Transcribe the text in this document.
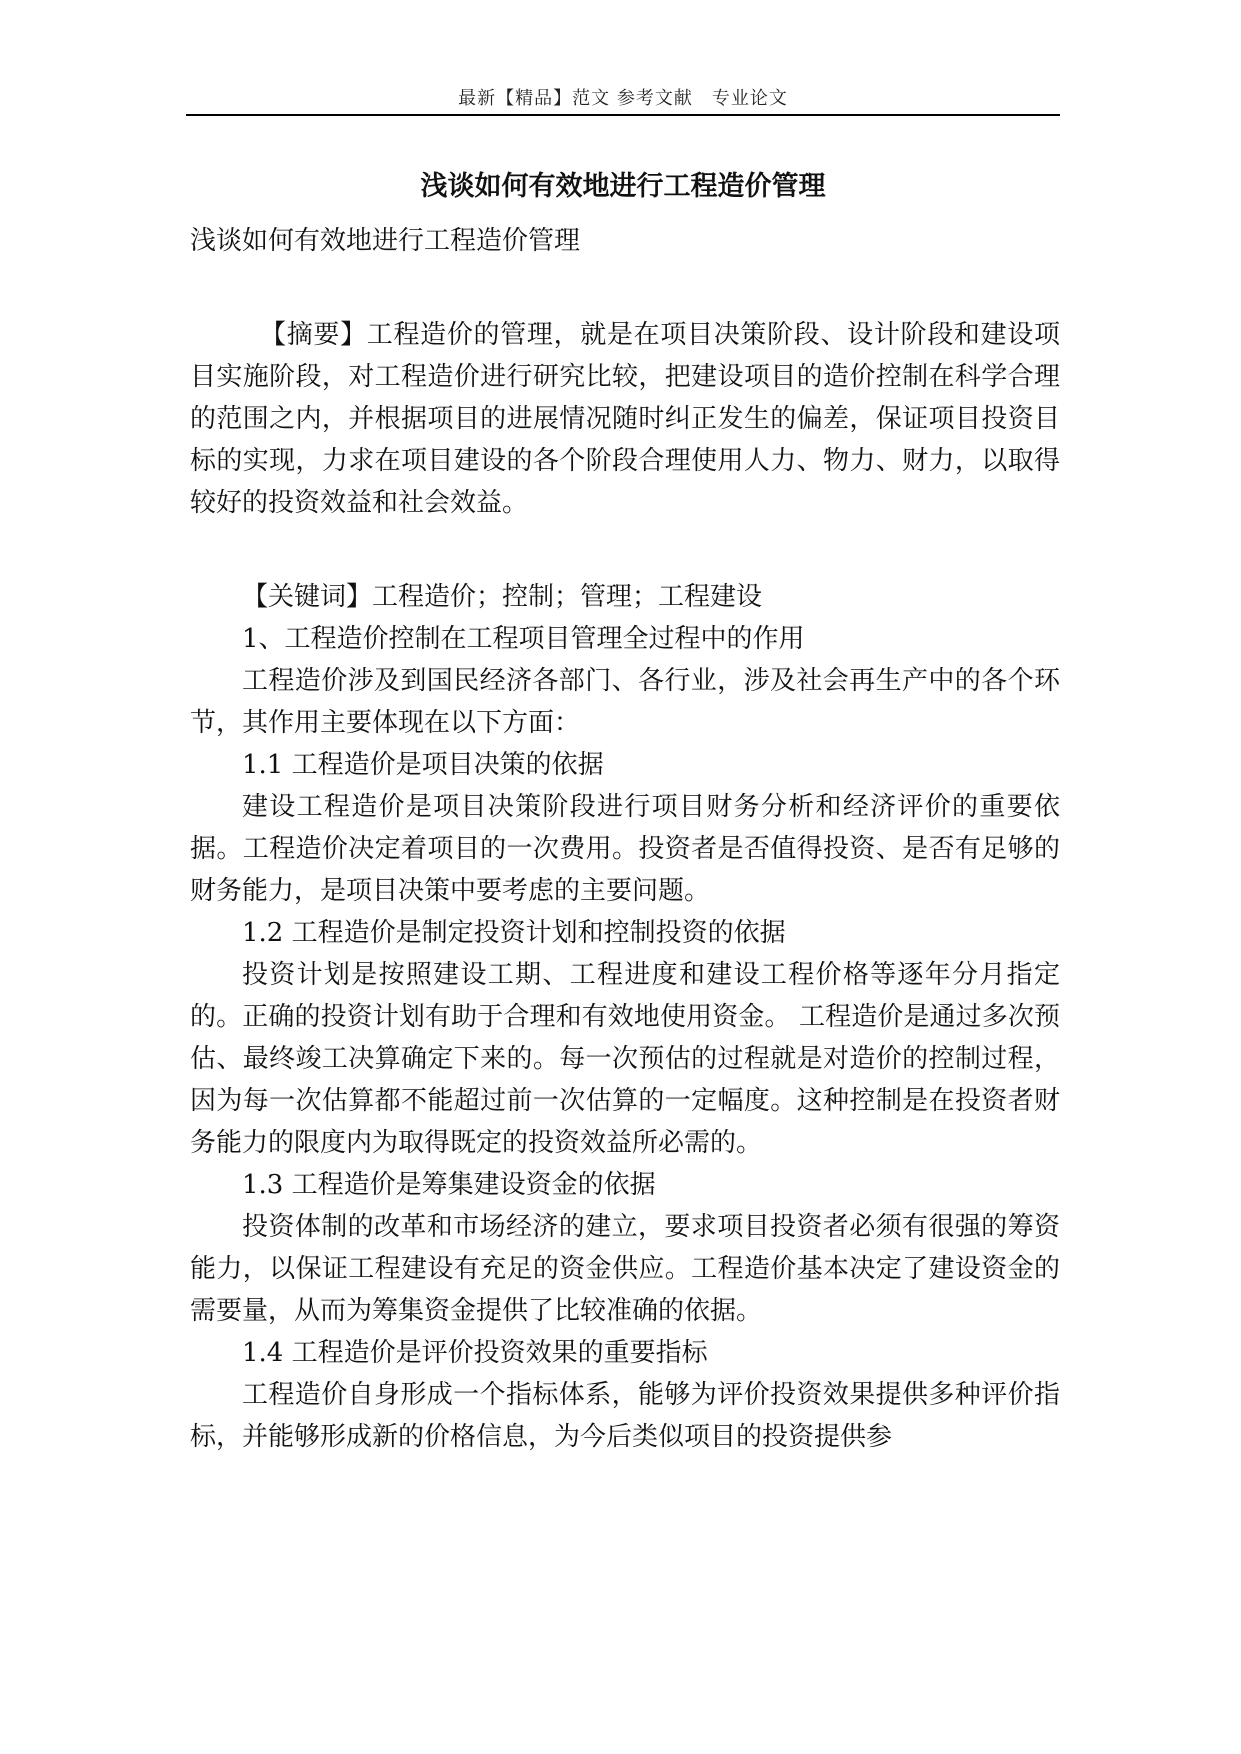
最新【精品】范文 参考文献　专业论文
浅谈如何有效地进行工程造价管理

浅谈如何有效地进行工程造价管理

【摘要】工程造价的管理，就是在项目决策阶段、设计阶段和建设项目实施阶段，对工程造价进行研究比较，把建设项目的造价控制在科学合理的范围之内，并根据项目的进展情况随时纠正发生的偏差，保证项目投资目标的实现，力求在项目建设的各个阶段合理使用人力、物力、财力，以取得较好的投资效益和社会效益。

【关键词】工程造价；控制；管理；工程建设

1、工程造价控制在工程项目管理全过程中的作用

工程造价涉及到国民经济各部门、各行业，涉及社会再生产中的各个环节，其作用主要体现在以下方面：

1.1 工程造价是项目决策的依据

建设工程造价是项目决策阶段进行项目财务分析和经济评价的重要依据。工程造价决定着项目的一次费用。投资者是否值得投资、是否有足够的财务能力，是项目决策中要考虑的主要问题。

1.2 工程造价是制定投资计划和控制投资的依据

投资计划是按照建设工期、工程进度和建设工程价格等逐年分月指定的。正确的投资计划有助于合理和有效地使用资金。 工程造价是通过多次预估、最终竣工决算确定下来的。每一次预估的过程就是对造价的控制过程，因为每一次估算都不能超过前一次估算的一定幅度。这种控制是在投资者财务能力的限度内为取得既定的投资效益所必需的。

1.3 工程造价是筹集建设资金的依据

投资体制的改革和市场经济的建立，要求项目投资者必须有很强的筹资能力，以保证工程建设有充足的资金供应。工程造价基本决定了建设资金的需要量，从而为筹集资金提供了比较准确的依据。

1.4 工程造价是评价投资效果的重要指标

工程造价自身形成一个指标体系，能够为评价投资效果提供多种评价指标，并能够形成新的价格信息，为今后类似项目的投资提供参
